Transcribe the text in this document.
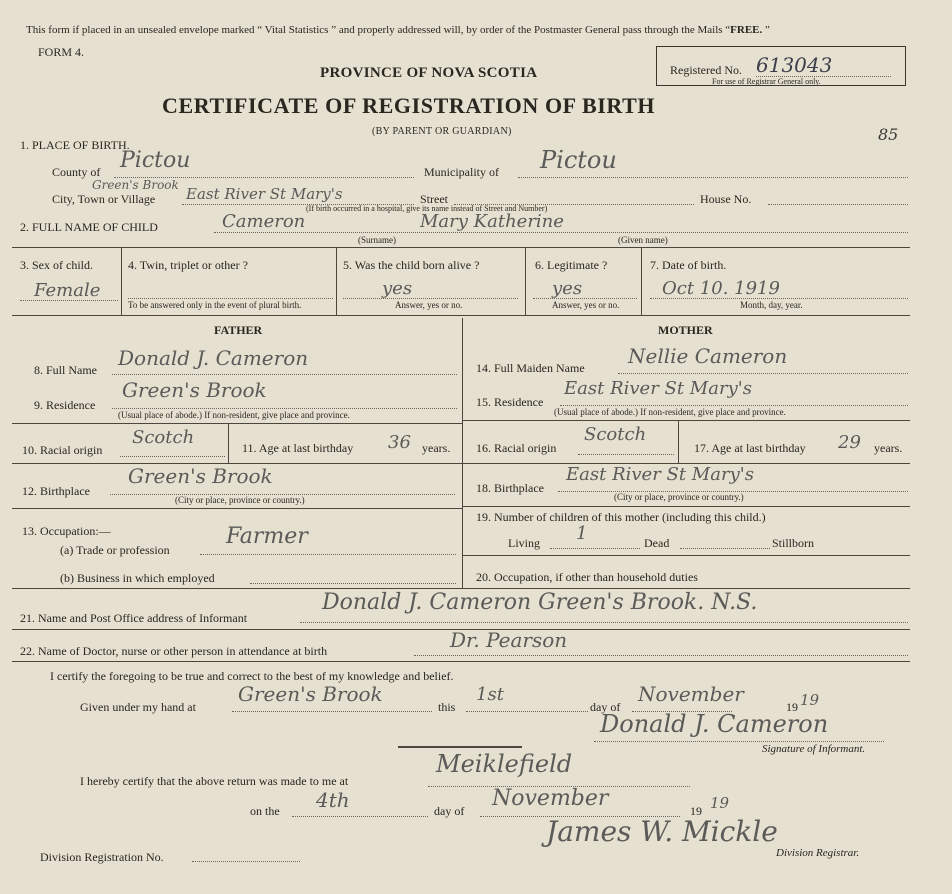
This form if placed in an unsealed envelope marked “ Vital Statistics ” and properly addressed will, by order of the Postmaster General pass through the Mails “FREE. ”
FORM 4.
PROVINCE OF NOVA SCOTIA
CERTIFICATE OF REGISTRATION OF BIRTH
(BY PARENT OR GUARDIAN)
Registered No. 613043
For use of Registrar General only.
85
1. PLACE OF BIRTH.
County of Pictou	Municipality of Pictou
Green's Brook
City, Town or Village East River St Mary's	Street	House No.
(If birth occurred in a hospital, give its name instead of Street and Number)
2. FULL NAME OF CHILD	Cameron	Mary Katherine
(Surname)	(Given name)
3. Sex of child.
Female
4. Twin, triplet or other ?
To be answered only in the event of plural birth.
5. Was the child born alive ?
yes
Answer, yes or no.
6. Legitimate ?
yes
Answer, yes or no.
7. Date of birth.
Oct 10. 1919
Month, day, year.
FATHER	MOTHER
8. Full Name Donald J. Cameron
9. Residence
Green's Brook
(Usual place of abode.) If non-resident, give place and province.
10. Racial origin
Scotch	11. Age at last birthday 36 years.
12. Birthplace
Green's Brook
(City or place, province or country.)
13. Occupation:—
(a) Trade or profession
Farmer
(b) Business in which employed
14. Full Maiden Name Nellie Cameron
15. Residence
East River St Mary's
(Usual place of abode.) If non-resident, give place and province.
16. Racial origin
Scotch
17. Age at last birthday 29 years.
18. Birthplace
East River St Mary's
(City or place, province or country.)
19. Number of children of this mother (including this child.)
Living 1	Dead	Stillborn
20. Occupation, if other than household duties
21. Name and Post Office address of Informant
Donald J. Cameron Green's Brook. N.S.
22. Name of Doctor, nurse or other person in attendance at birth	Dr. Pearson
I certify the foregoing to be true and correct to the best of my knowledge and belief.
Given under my hand at
Green's Brook
this
1st
day of
November
19 19
Donald J. Cameron
Signature of Informant.
I hereby certify that the above return was made to me at
Meiklefield
on the 4th	day of November	19 19
James W. Mickle
Division Registrar.
Division Registration No.
